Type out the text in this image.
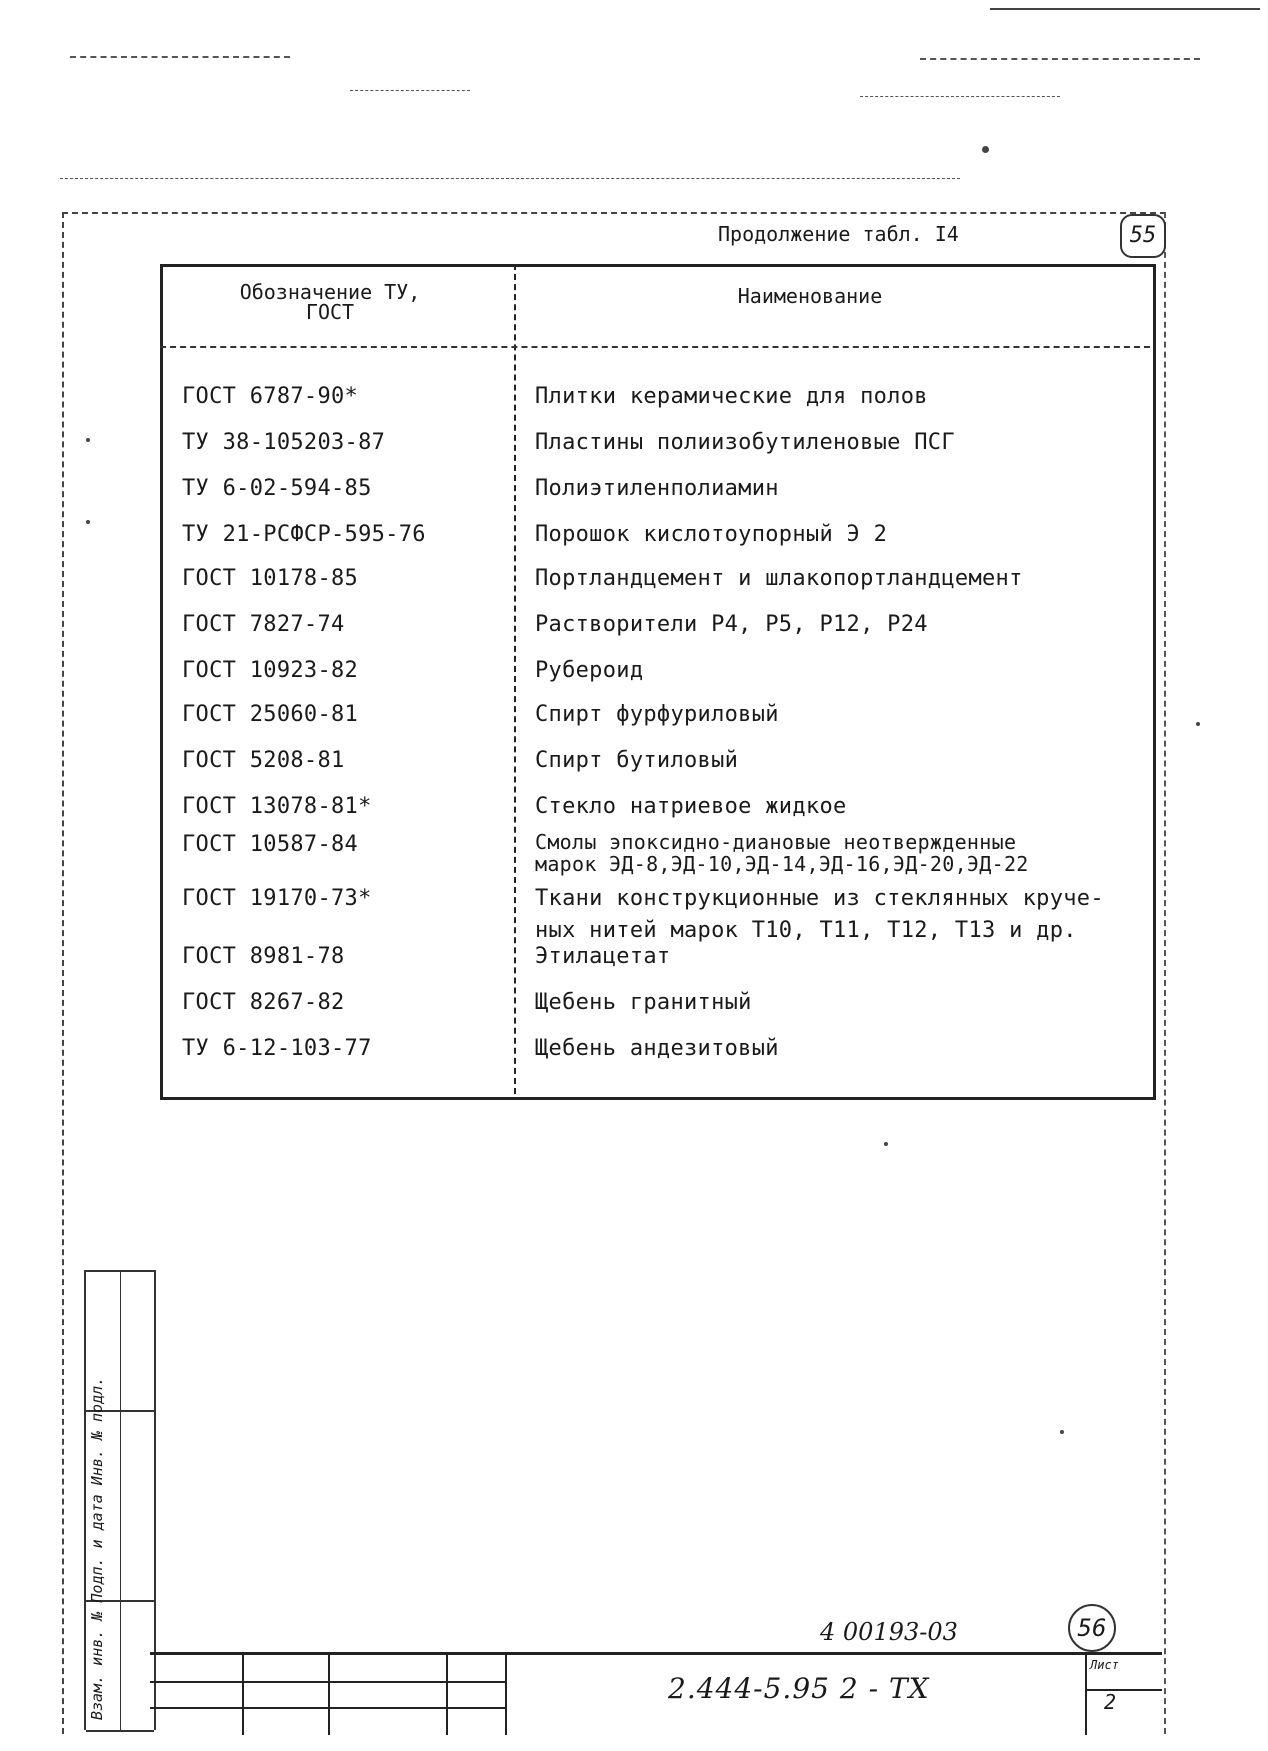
Продолжение табл. I4	55
Обозначение ТУ,
ГОСТ
Наименование
ГОСТ 6787-90*	Плитки керамические для полов
ТУ 38-105203-87	Пластины полиизобутиленовые ПСГ
ТУ 6-02-594-85	Полиэтиленполиамин
ТУ 21-РСФСР-595-76	Порошок кислотоупорный Э 2
ГОСТ 10178-85	Портландцемент и шлакопортландцемент
ГОСТ 7827-74	Растворители Р4, Р5, Р12, Р24
ГОСТ 10923-82	Рубероид
ГОСТ 25060-81	Спирт фурфуриловый
ГОСТ 5208-81	Спирт бутиловый
ГОСТ 13078-81*	Стекло натриевое жидкое
ГОСТ 10587-84	Смолы эпоксидно-диановые неотвержденные
марок ЭД-8,ЭД-10,ЭД-14,ЭД-16,ЭД-20,ЭД-22
ГОСТ 19170-73*	Ткани конструкционные из стеклянных круче-
ных нитей марок Т10, Т11, Т12, Т13 и др.
ГОСТ 8981-78	Этилацетат
ГОСТ 8267-82	Щебень гранитный
ТУ 6-12-103-77	Щебень андезитовый
Взам. инв. № Подп. и дата Инв. № подл.	4 00193-03	56
2.444-5.95 2 - ТХ
Лист
2
